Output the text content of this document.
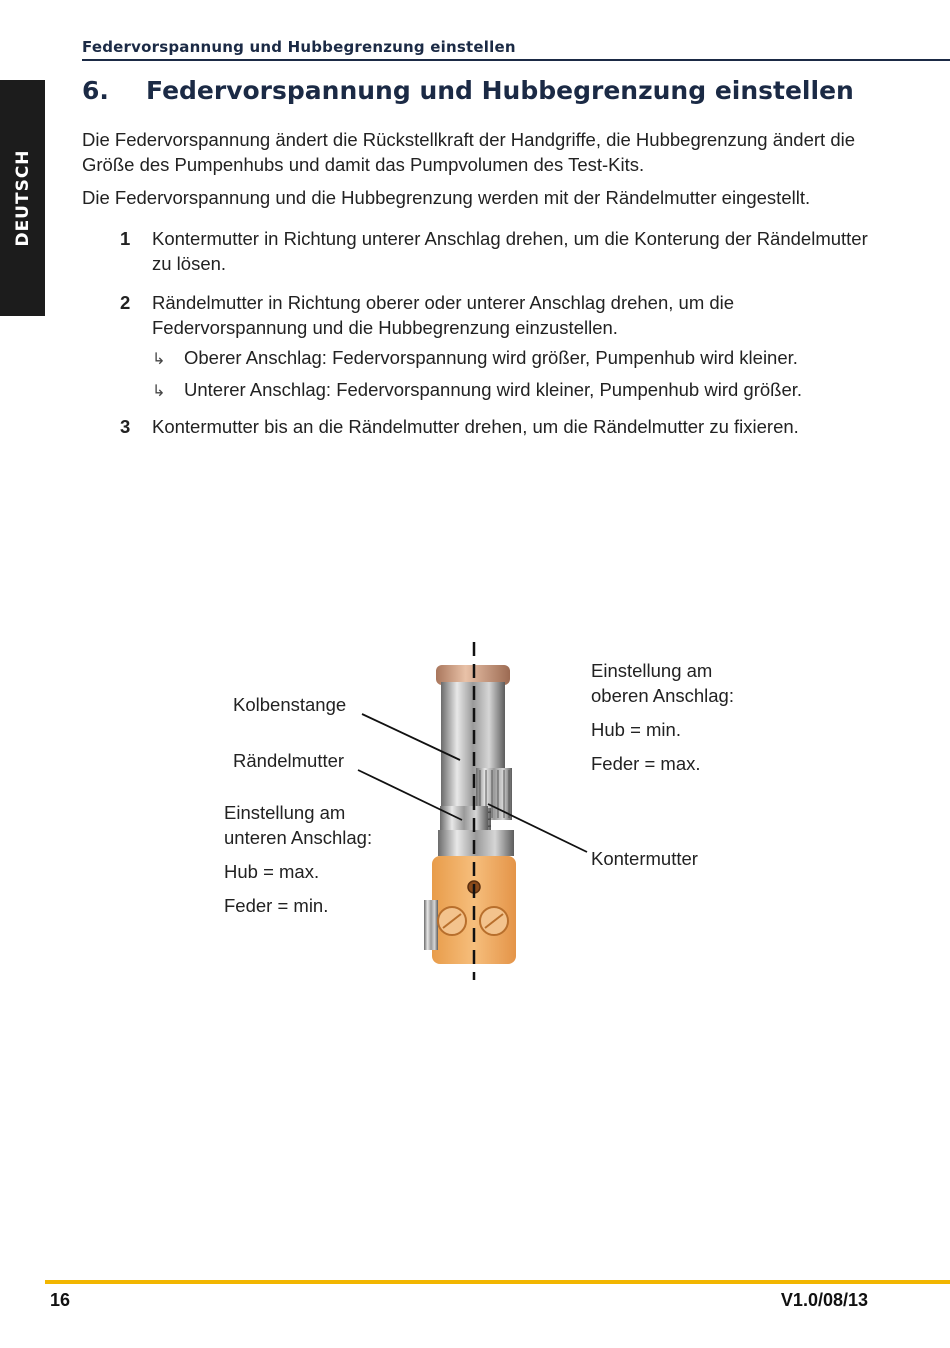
Federvorspannung und Hubbegrenzung einstellen
DEUTSCH
6. Federvorspannung und Hubbegrenzung einstellen
Die Federvorspannung ändert die Rückstellkraft der Handgriffe, die Hubbegrenzung ändert die Größe des Pumpenhubs und damit das Pumpvolumen des Test-Kits.
Die Federvorspannung und die Hubbegrenzung werden mit der Rändelmutter eingestellt.
1 Kontermutter in Richtung unterer Anschlag drehen, um die Konterung der Rändelmutter zu lösen.
2 Rändelmutter in Richtung oberer oder unterer Anschlag drehen, um die Federvorspannung und die Hubbegrenzung einzustellen.
↳ Oberer Anschlag: Federvorspannung wird größer, Pumpenhub wird kleiner.
↳ Unterer Anschlag: Federvorspannung wird kleiner, Pumpenhub wird größer.
3 Kontermutter bis an die Rändelmutter drehen, um die Rändelmutter zu fixieren.
Kolbenstange
Rändelmutter
Einstellung am
unteren Anschlag:
Hub = max.
Feder = min.
Einstellung am
oberen Anschlag:
Hub = min.
Feder = max.
Kontermutter
16	V1.0/08/13
